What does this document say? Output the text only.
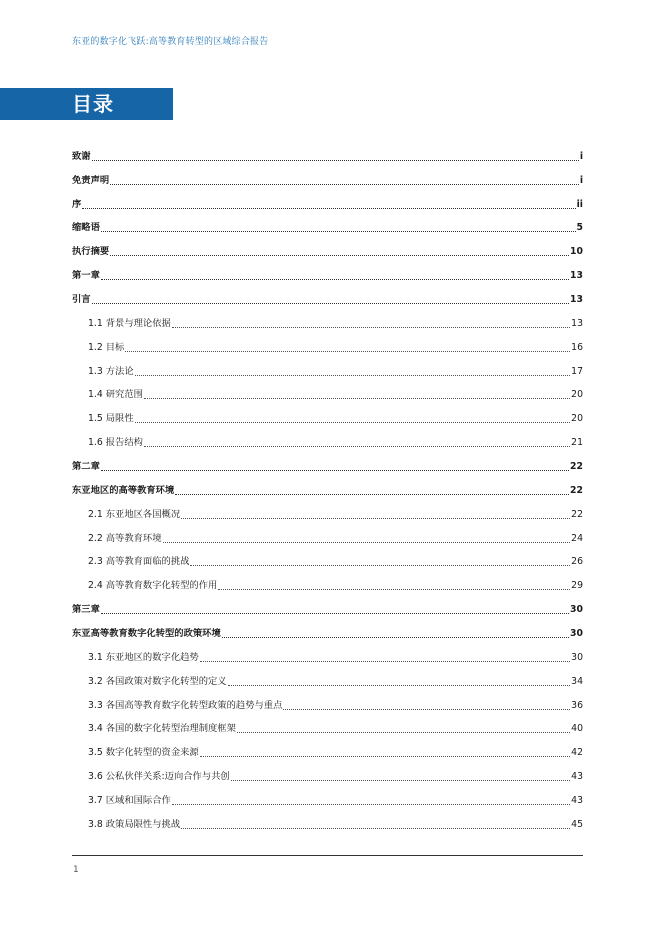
东亚的数字化飞跃:高等教育转型的区域综合报告
目录
致谢	i
免责声明	i
序	ii
缩略语	5
执行摘要	10
第一章	13
引言	13
1.1 背景与理论依据	13
1.2 目标	16
1.3 方法论	17
1.4 研究范围	20
1.5 局限性	20
1.6 报告结构	21
第二章	22
东亚地区的高等教育环境	22
2.1 东亚地区各国概况	22
2.2 高等教育环境	24
2.3 高等教育面临的挑战	26
2.4 高等教育数字化转型的作用	29
第三章	30
东亚高等教育数字化转型的政策环境	30
3.1 东亚地区的数字化趋势	30
3.2 各国政策对数字化转型的定义	34
3.3 各国高等教育数字化转型政策的趋势与重点	36
3.4 各国的数字化转型治理制度框架	40
3.5 数字化转型的资金来源	42
3.6 公私伙伴关系:迈向合作与共创	43
3.7 区域和国际合作	43
3.8 政策局限性与挑战	45
1
